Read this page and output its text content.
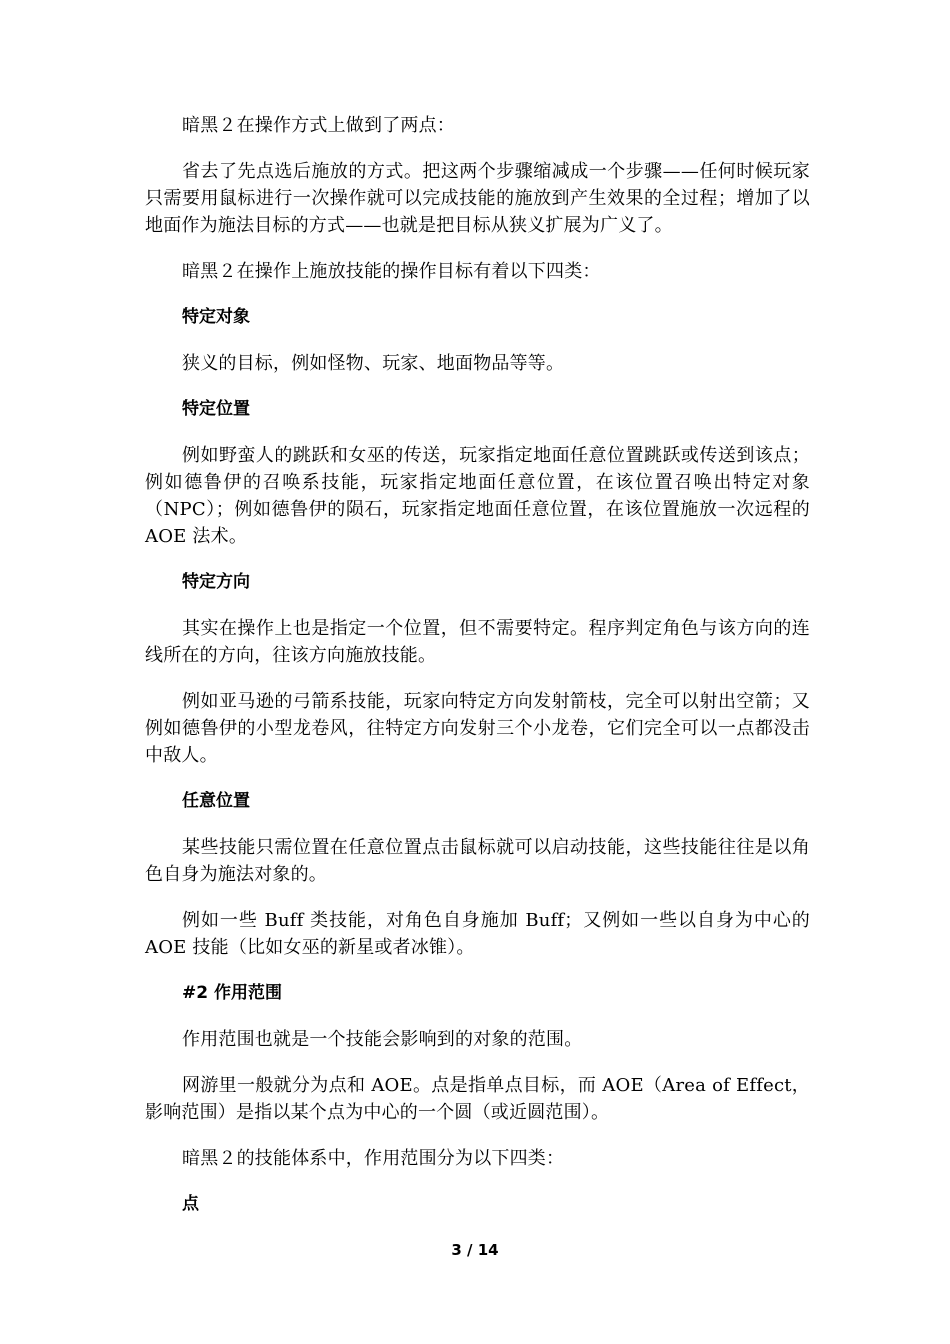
暗黑２在操作方式上做到了两点：

省去了先点选后施放的方式。把这两个步骤缩减成一个步骤——任何时候玩家只需要用鼠标进行一次操作就可以完成技能的施放到产生效果的全过程；增加了以地面作为施法目标的方式——也就是把目标从狭义扩展为广义了。

暗黑２在操作上施放技能的操作目标有着以下四类：

特定对象

狭义的目标，例如怪物、玩家、地面物品等等。

特定位置

例如野蛮人的跳跃和女巫的传送，玩家指定地面任意位置跳跃或传送到该点；例如德鲁伊的召唤系技能，玩家指定地面任意位置，在该位置召唤出特定对象（NPC）；例如德鲁伊的陨石，玩家指定地面任意位置，在该位置施放一次远程的 AOE 法术。

特定方向

其实在操作上也是指定一个位置，但不需要特定。程序判定角色与该方向的连线所在的方向，往该方向施放技能。

例如亚马逊的弓箭系技能，玩家向特定方向发射箭枝，完全可以射出空箭；又例如德鲁伊的小型龙卷风，往特定方向发射三个小龙卷，它们完全可以一点都没击中敌人。

任意位置

某些技能只需位置在任意位置点击鼠标就可以启动技能，这些技能往往是以角色自身为施法对象的。

例如一些 Buff 类技能，对角色自身施加 Buff；又例如一些以自身为中心的 AOE 技能（比如女巫的新星或者冰锥）。

#2 作用范围

作用范围也就是一个技能会影响到的对象的范围。

网游里一般就分为点和 AOE。点是指单点目标，而 AOE（Area of Effect，影响范围）是指以某个点为中心的一个圆（或近圆范围）。

暗黑２的技能体系中，作用范围分为以下四类：

点

3 / 14
